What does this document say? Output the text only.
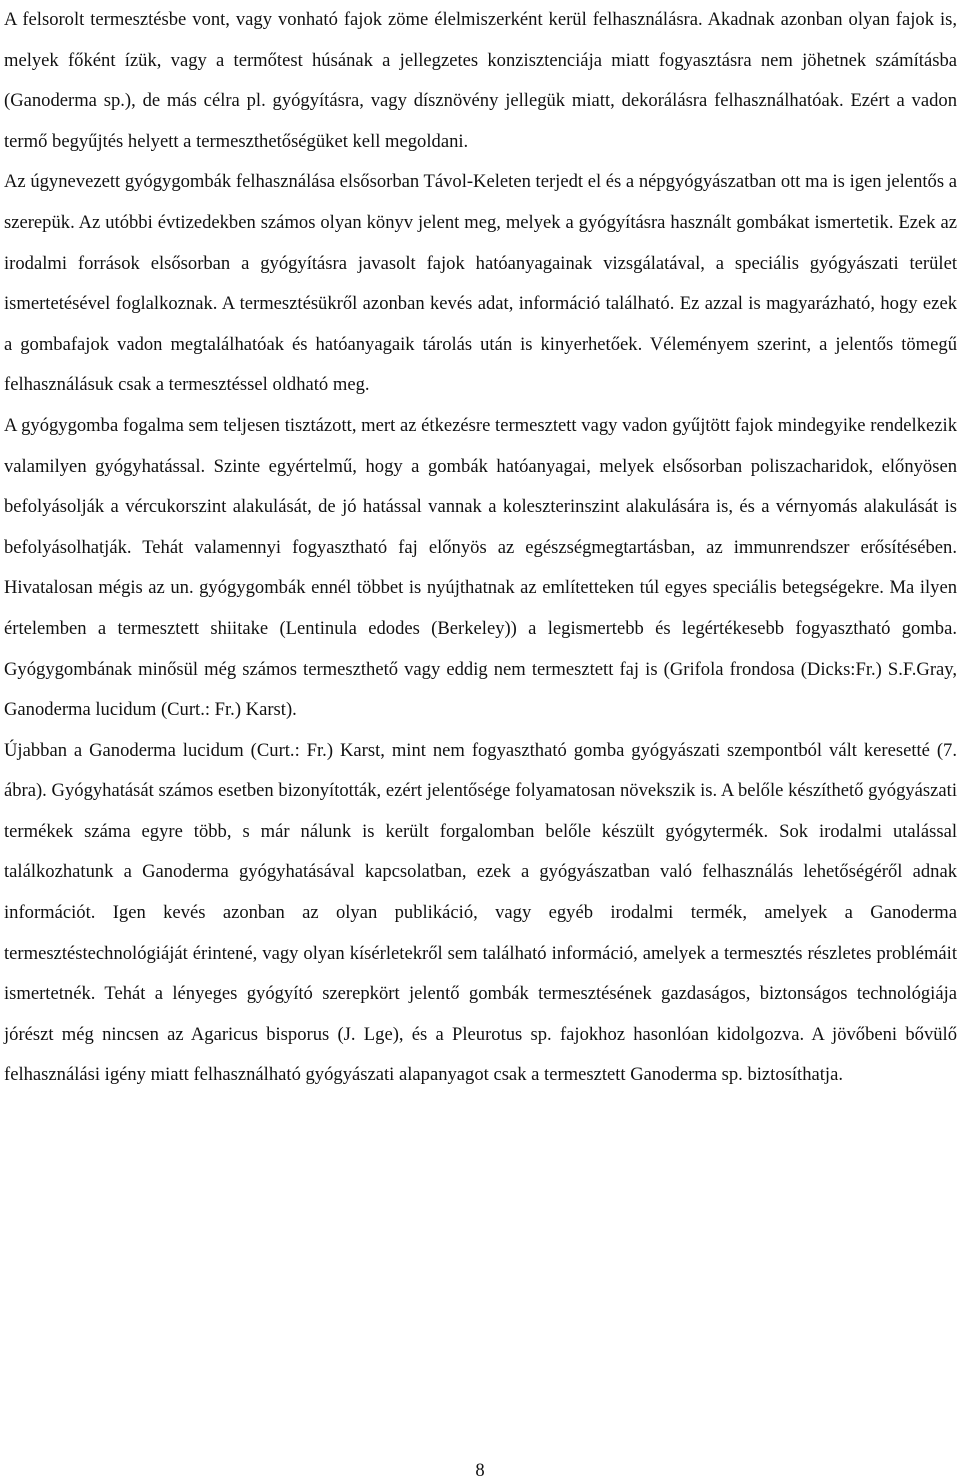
A felsorolt termesztésbe vont, vagy vonható fajok zöme élelmiszerként kerül felhasználásra. Akadnak azonban olyan fajok is, melyek főként ízük, vagy a termőtest húsának a jellegzetes konzisztenciája miatt fogyasztásra nem jöhetnek számításba (Ganoderma sp.), de más célra pl. gyógyításra, vagy dísznövény jellegük miatt, dekorálásra felhasználhatóak. Ezért a vadon termő begyűjtés helyett a termeszthetőségüket kell megoldani.

Az úgynevezett gyógygombák felhasználása elsősorban Távol-Keleten terjedt el és a népgyógyászatban ott ma is igen jelentős a szerepük. Az utóbbi évtizedekben számos olyan könyv jelent meg, melyek a gyógyításra használt gombákat ismertetik. Ezek az irodalmi források elsősorban a gyógyításra javasolt fajok hatóanyagainak vizsgálatával, a speciális gyógyászati terület ismertetésével foglalkoznak. A termesztésükről azonban kevés adat, információ található. Ez azzal is magyarázható, hogy ezek a gombafajok vadon megtalálhatóak és hatóanyagaik tárolás után is kinyerhetőek. Véleményem szerint, a jelentős tömegű felhasználásuk csak a termesztéssel oldható meg.

A gyógygomba fogalma sem teljesen tisztázott, mert az étkezésre termesztett vagy vadon gyűjtött fajok mindegyike rendelkezik valamilyen gyógyhatással. Szinte egyértelmű, hogy a gombák hatóanyagai, melyek elsősorban poliszacharidok, előnyösen befolyásolják a vércukorszint alakulását, de jó hatással vannak a koleszterinszint alakulására is, és a vérnyomás alakulását is befolyásolhatják. Tehát valamennyi fogyasztható faj előnyös az egészségmegtartásban, az immunrendszer erősítésében. Hivatalosan mégis az un. gyógygombák ennél többet is nyújthatnak az említetteken túl egyes speciális betegségekre. Ma ilyen értelemben a termesztett shiitake (Lentinula edodes (Berkeley)) a legismertebb és legértékesebb fogyasztható gomba. Gyógygombának minősül még számos termeszthető vagy eddig nem termesztett faj is (Grifola frondosa (Dicks:Fr.) S.F.Gray, Ganoderma lucidum (Curt.: Fr.) Karst).

Újabban a Ganoderma lucidum (Curt.: Fr.) Karst, mint nem fogyasztható gomba gyógyászati szempontból vált keresetté (7. ábra). Gyógyhatását számos esetben bizonyították, ezért jelentősége folyamatosan növekszik is. A belőle készíthető gyógyászati termékek száma egyre több, s már nálunk is került forgalomban belőle készült gyógytermék. Sok irodalmi utalással találkozhatunk a Ganoderma gyógyhatásával kapcsolatban, ezek a gyógyászatban való felhasználás lehetőségéről adnak információt. Igen kevés azonban az olyan publikáció, vagy egyéb irodalmi termék, amelyek a Ganoderma termesztéstechnológiáját érintené, vagy olyan kísérletekről sem található információ, amelyek a termesztés részletes problémáit ismertetnék. Tehát a lényeges gyógyító szerepkört jelentő gombák termesztésének gazdaságos, biztonságos technológiája jórészt még nincsen az Agaricus bisporus (J. Lge), és a Pleurotus sp. fajokhoz hasonlóan kidolgozva. A jövőbeni bővülő felhasználási igény miatt felhasználható gyógyászati alapanyagot csak a termesztett Ganoderma sp. biztosíthatja.

8
